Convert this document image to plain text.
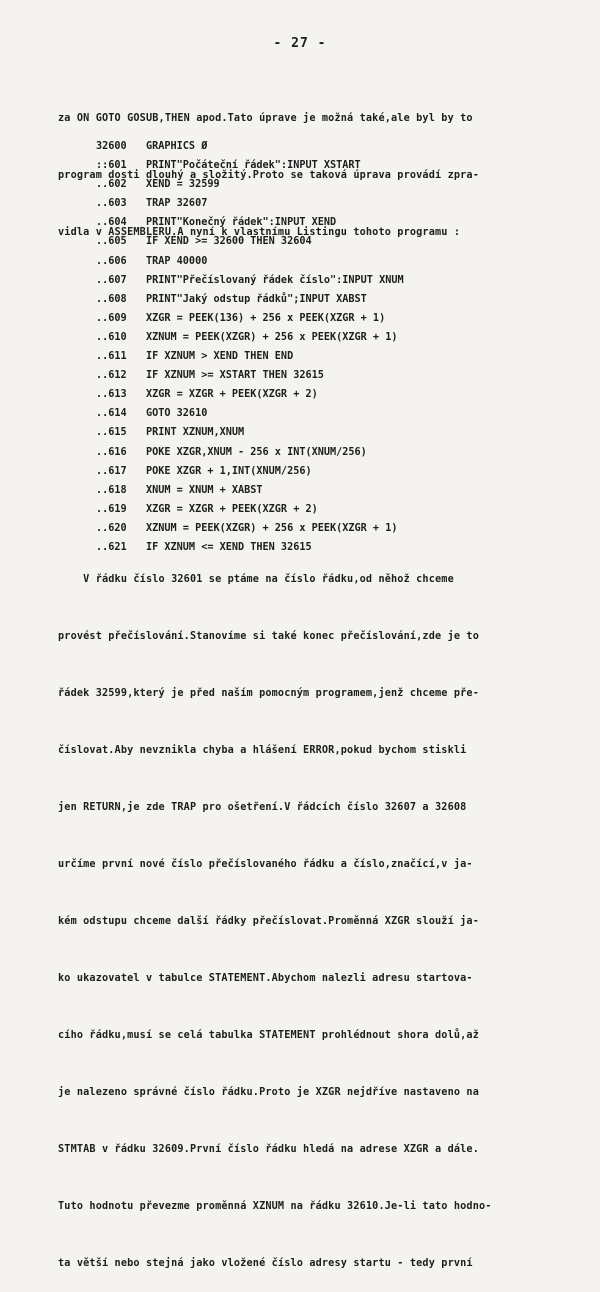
- 27 -

za ON GOTO GOSUB,THEN apod.Tato úprave je možná také,ale byl by to

program dosti dlouhý a složitý.Proto se taková úprava provádí zpra-

vidla v ASSEMBLERU.A nyní k vlastnímu Listingu tohoto programu :

32600	GRAPHICS Ø
::601	PRINT"Počáteční řádek":INPUT XSTART
..602	XEND = 32599
..603	TRAP 32607
..604	PRINT"Konečný řádek":INPUT XEND
..605	IF XEND >= 32600 THEN 32604
..606	TRAP 40000
..607	PRINT"Přečíslovaný řádek číslo":INPUT XNUM
..608	PRINT"Jaký odstup řádků";INPUT XABST
..609	XZGR = PEEK(136) + 256 x PEEK(XZGR + 1)
..610	XZNUM = PEEK(XZGR) + 256 x PEEK(XZGR + 1)
..611	IF XZNUM > XEND THEN END
..612	IF XZNUM >= XSTART THEN 32615
..613	XZGR = XZGR + PEEK(XZGR + 2)
..614	GOTO 32610
..615	PRINT XZNUM,XNUM
..616	POKE XZGR,XNUM - 256 x INT(XNUM/256)
..617	POKE XZGR + 1,INT(XNUM/256)
..618	XNUM = XNUM + XABST
..619	XZGR = XZGR + PEEK(XZGR + 2)
..620	XZNUM = PEEK(XZGR) + 256 x PEEK(XZGR + 1)
..621	IF XZNUM <= XEND THEN 32615

V řádku číslo 32601 se ptáme na číslo řádku,od něhož chceme

provést přečíslování.Stanovíme si také konec přečíslování,zde je to

řádek 32599,který je před naším pomocným programem,jenž chceme pře-

číslovat.Aby nevznikla chyba a hlášení ERROR,pokud bychom stiskli

jen RETURN,je zde TRAP pro ošetření.V řádcích číslo 32607 a 32608

určíme první nové číslo přečíslovaného řádku a číslo,značící,v ja-

kém odstupu chceme další řádky přečíslovat.Proměnná XZGR slouží ja-

ko ukazovatel v tabulce STATEMENT.Abychom nalezli adresu startova-

cího řádku,musí se celá tabulka STATEMENT prohlédnout shora dolů,až

je nalezeno správné číslo řádku.Proto je XZGR nejdříve nastaveno na

STMTAB v řádku 32609.První číslo řádku hledá na adrese XZGR a dále.

Tuto hodnotu převezme proměnná XZNUM na řádku 32610.Je-li tato hodno-

ta větší nebo stejná jako vložené číslo adresy startu - tedy první
